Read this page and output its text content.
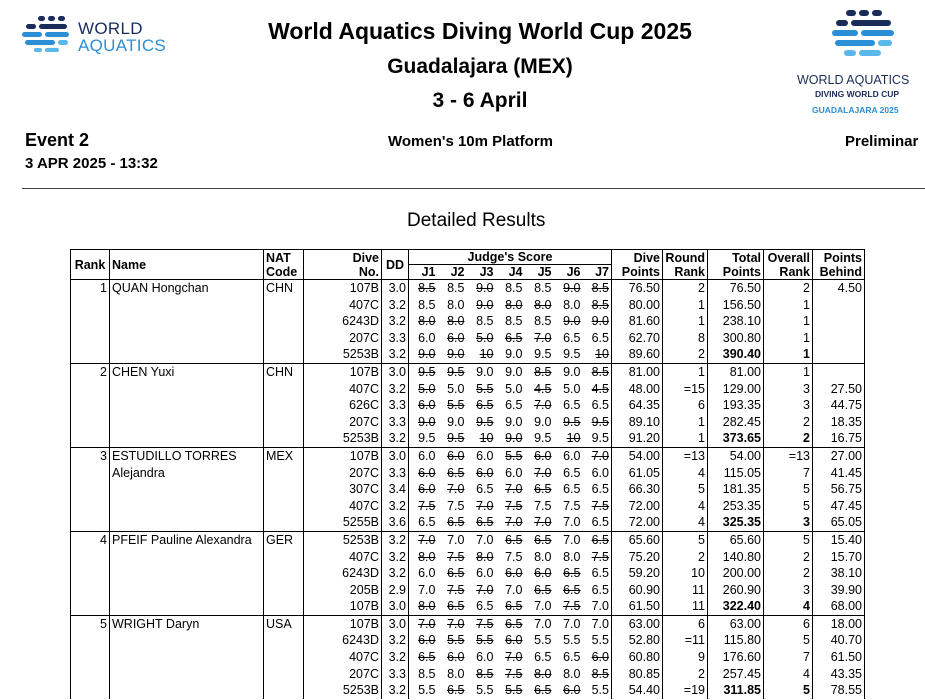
WORLD
AQUATICS
World Aquatics Diving World Cup 2025
Guadalajara (MEX)
3 - 6 April
WORLD AQUATICS
DIVING WORLD CUP
GUADALAJARA 2025
Event 2
3 APR 2025 - 13:32
Women's 10m Platform	Preliminar
Detailed Results
Rank	Name	NAT	Dive	DD	Judge's Score							Dive	Round	Total	Overall	Points
		Code	No.		J1	J2	J3	J4	J5	J6	J7	Points	Rank	Points	Rank	Behind
1	QUAN Hongchan	CHN	107B	3.0	8.5	8.5	9.0	8.5	8.5	9.0	8.5	76.50	2	76.50	2	4.50
			407C	3.2	8.5	8.0	9.0	8.0	8.0	8.0	8.5	80.00	1	156.50	1	
			6243D	3.2	8.0	8.0	8.5	8.5	8.5	9.0	9.0	81.60	1	238.10	1	
			207C	3.3	6.0	6.0	5.0	6.5	7.0	6.5	6.5	62.70	8	300.80	1	
			5253B	3.2	9.0	9.0	10	9.0	9.5	9.5	10	89.60	2	390.40	1	
2	CHEN Yuxi	CHN	107B	3.0	9.5	9.5	9.0	9.0	8.5	9.0	8.5	81.00	1	81.00	1	
			407C	3.2	5.0	5.0	5.5	5.0	4.5	5.0	4.5	48.00	=15	129.00	3	27.50
			626C	3.3	6.0	5.5	6.5	6.5	7.0	6.5	6.5	64.35	6	193.35	3	44.75
			207C	3.3	9.0	9.0	9.5	9.0	9.0	9.5	9.5	89.10	1	282.45	2	18.35
			5253B	3.2	9.5	9.5	10	9.0	9.5	10	9.5	91.20	1	373.65	2	16.75
3	ESTUDILLO TORRES	MEX	107B	3.0	6.0	6.0	6.0	5.5	6.0	6.0	7.0	54.00	=13	54.00	=13	27.00
	Alejandra		207C	3.3	6.0	6.5	6.0	6.0	7.0	6.5	6.0	61.05	4	115.05	7	41.45
			307C	3.4	6.0	7.0	6.5	7.0	6.5	6.5	6.5	66.30	5	181.35	5	56.75
			407C	3.2	7.5	7.5	7.0	7.5	7.5	7.5	7.5	72.00	4	253.35	5	47.45
			5255B	3.6	6.5	6.5	6.5	7.0	7.0	7.0	6.5	72.00	4	325.35	3	65.05
4	PFEIF Pauline Alexandra	GER	5253B	3.2	7.0	7.0	7.0	6.5	6.5	7.0	6.5	65.60	5	65.60	5	15.40
			407C	3.2	8.0	7.5	8.0	7.5	8.0	8.0	7.5	75.20	2	140.80	2	15.70
			6243D	3.2	6.0	6.5	6.0	6.0	6.0	6.5	6.5	59.20	10	200.00	2	38.10
			205B	2.9	7.0	7.5	7.0	7.0	6.5	6.5	6.5	60.90	11	260.90	3	39.90
			107B	3.0	8.0	6.5	6.5	6.5	7.0	7.5	7.0	61.50	11	322.40	4	68.00
5	WRIGHT Daryn	USA	107B	3.0	7.0	7.0	7.5	6.5	7.0	7.0	7.0	63.00	6	63.00	6	18.00
			6243D	3.2	6.0	5.5	5.5	6.0	5.5	5.5	5.5	52.80	=11	115.80	5	40.70
			407C	3.2	6.5	6.0	6.0	7.0	6.5	6.5	6.0	60.80	9	176.60	7	61.50
			207C	3.3	8.5	8.0	8.5	7.5	8.0	8.0	8.5	80.85	2	257.45	4	43.35
			5253B	3.2	5.5	6.5	5.5	5.5	6.5	6.0	5.5	54.40	=19	311.85	5	78.55
